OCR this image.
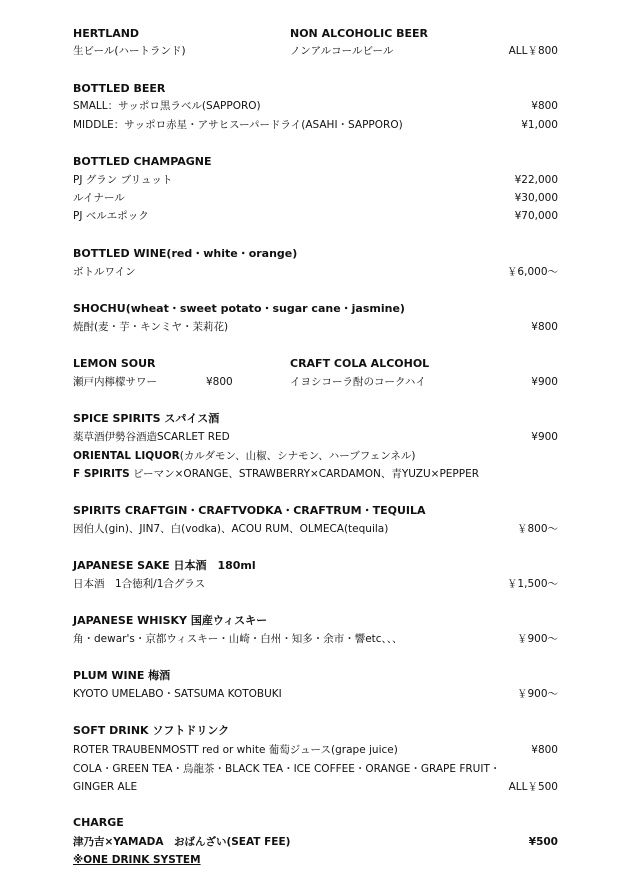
HERTLAND
生ビール(ハートランド)
NON ALCOHOLIC BEER
ノンアルコールビール	ALL￥800
BOTTLED BEER
SMALL：サッポロ黒ラベル(SAPPORO)	¥800
MIDDLE：サッポロ赤星・アサヒスーパードライ(ASAHI・SAPPORO)	¥1,000
BOTTLED CHAMPAGNE
PJ グラン ブリュット	¥22,000
ルイナール	¥30,000
PJ ベルエポック	¥70,000
BOTTLED WINE(red・white・orange)
ボトルワイン	￥6,000～
SHOCHU(wheat・sweet potato・sugar cane・jasmine)
焼酎(麦・芋・キンミヤ・茉莉花)	¥800
LEMON SOUR
瀬戸内檸檬サワー	¥800
CRAFT COLA ALCOHOL
イヨシコーラ酎のコークハイ	¥900
SPICE SPIRITS スパイス酒
薬草酒伊勢谷酒造SCARLET RED	¥900
ORIENTAL LIQUOR(カルダモン、山椒、シナモン、ハーブフェンネル)
F SPIRITS ピーマン×ORANGE、STRAWBERRY×CARDAMON、青YUZU×PEPPER
SPIRITS CRAFTGIN・CRAFTVODKA・CRAFTRUM・TEQUILA
因伯人(gin)、JIN7、白(vodka)、ACOU RUM、OLMECA(tequila)	￥800～
JAPANESE SAKE 日本酒　180ml
日本酒　1合徳利/1合グラス	￥1,500～
JAPANESE WHISKY 国産ウィスキー
角・dewar's・京都ウィスキー・山崎・白州・知多・余市・響etc、、、	￥900～
PLUM WINE 梅酒
KYOTO UMELABO・SATSUMA KOTOBUKI	￥900～
SOFT DRINK ソフトドリンク
ROTER TRAUBENMOSTT red or white 葡萄ジュース(grape juice)	¥800
COLA・GREEN TEA・烏龍茶・BLACK TEA・ICE COFFEE・ORANGE・GRAPE FRUIT・
GINGER ALE	ALL￥500
CHARGE
津乃吉×YAMADA　おばんざい(SEAT FEE)	¥500
※ONE DRINK SYSTEM
